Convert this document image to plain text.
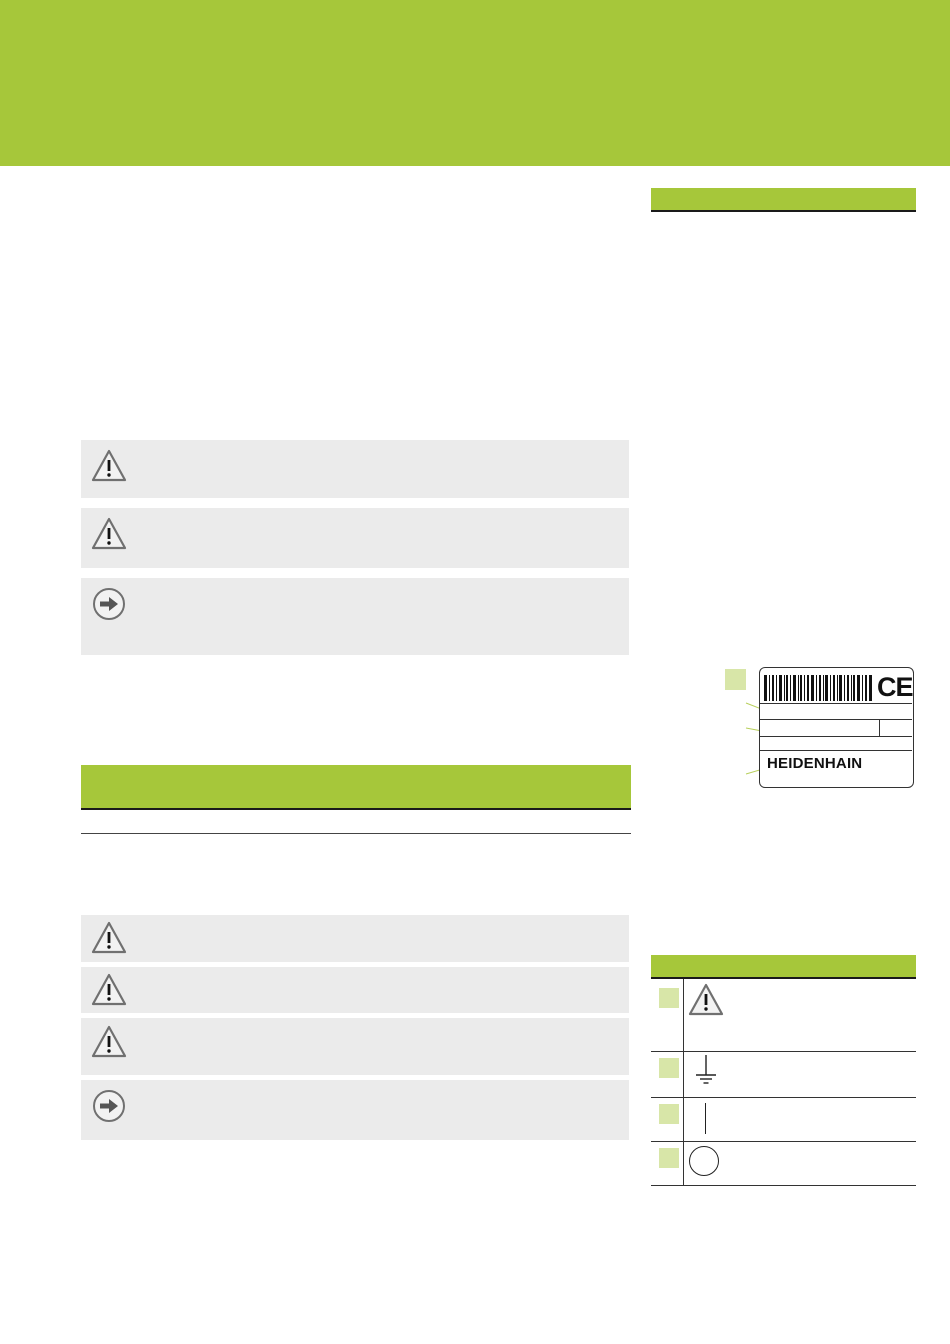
CE
HEIDENHAIN
